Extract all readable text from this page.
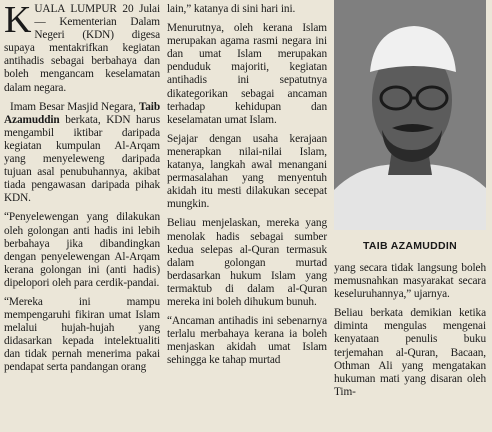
KUALA LUMPUR 20 Julai — Kementerian Dalam Negeri (KDN) digesa supaya mentakrifkan kegiatan antihadis sebagai berbahaya dan boleh mengancam keselamatan dalam negara.

Imam Besar Masjid Negara, Taib Azamuddin berkata, KDN harus mengambil iktibar daripada kegiatan kumpulan Al-Arqam yang menyeleweng daripada tujuan asal penubuhannya, akibat tiada pengawasan daripada pihak KDN.

“Penyelewengan yang dilakukan oleh golongan anti hadis ini lebih berbahaya jika dibandingkan dengan penyelewengan Al-Arqam kerana golongan ini (anti hadis) dipelopori oleh para cerdik-pandai.

“Mereka ini mampu mempengaruhi fikiran umat Islam melalui hujah-hujah yang didasarkan kepada intelektualiti dan tidak pernah menerima pakai pendapat serta pandangan orang

lain,” katanya di sini hari ini.

Menurutnya, oleh kerana Islam merupakan agama rasmi negara ini dan umat Islam merupakan penduduk majoriti, kegiatan antihadis ini sepatutnya dikategorikan sebagai ancaman terhadap kehidupan dan keselamatan umat Islam.

Sejajar dengan usaha kerajaan menerapkan nilai-nilai Islam, katanya, langkah awal menangani permasalahan yang menyentuh akidah itu mesti dilakukan secepat mungkin.

Beliau menjelaskan, mereka yang menolak hadis sebagai sumber kedua selepas al-Quran termasuk dalam golongan murtad berdasarkan hukum Islam yang termaktub di dalam al-Quran mereka ini boleh dihukum bunuh.

“Ancaman antihadis ini sebenarnya terlalu merbahaya kerana ia boleh menjaskan akidah umat Islam sehingga ke tahap murtad

TAIB AZAMUDDIN

yang secara tidak langsung boleh memusnahkan masyarakat secara keseluruhannya,” ujarnya.

Beliau berkata demikian ketika diminta mengulas mengenai kenyataan penulis buku terjemahan al-Quran, Bacaan, Othman Ali yang mengatakan hukuman mati yang disaran oleh Tim-
